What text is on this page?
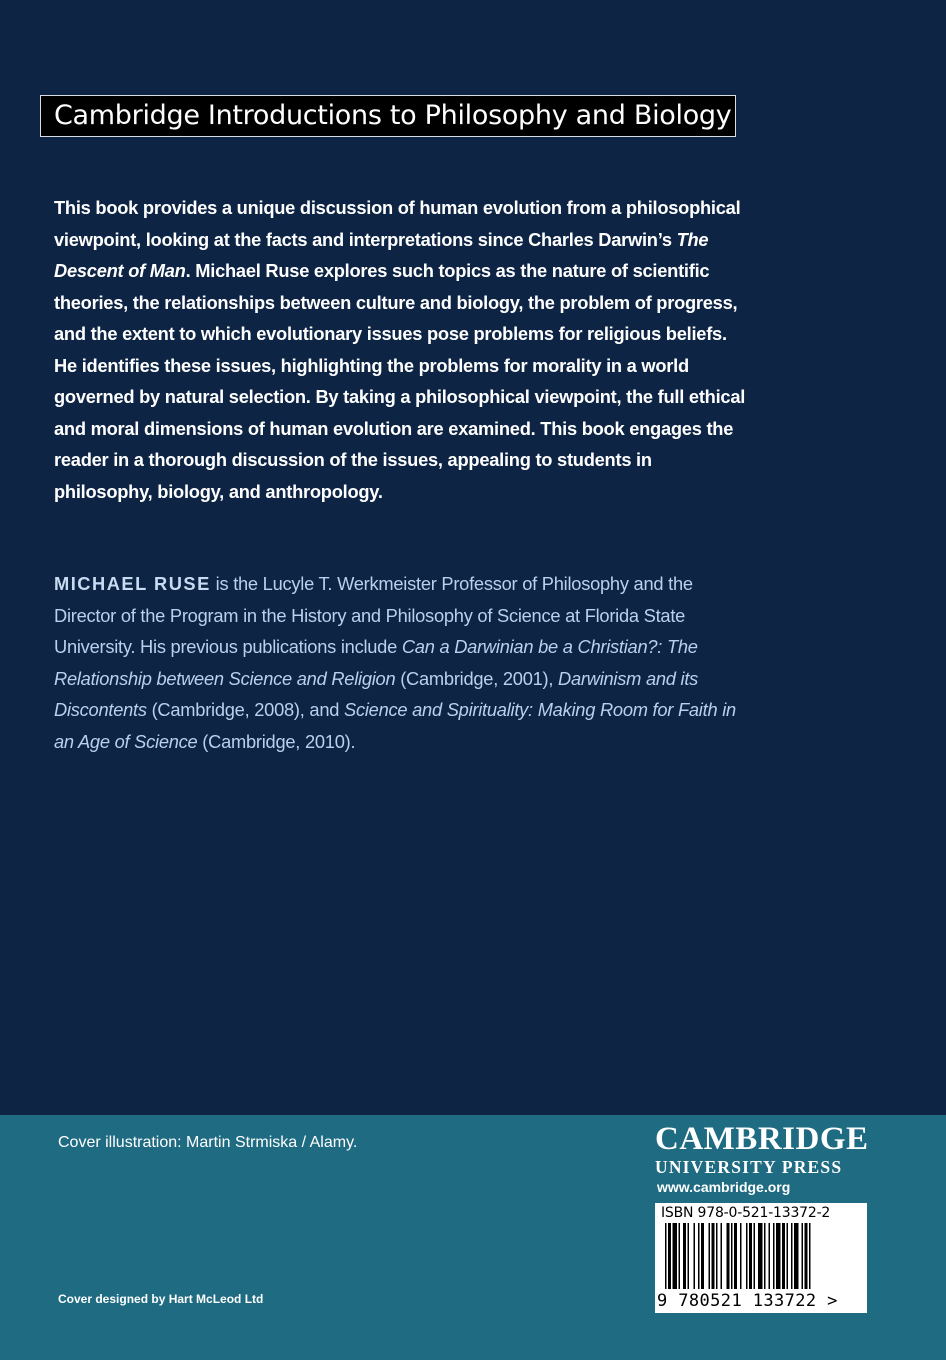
Cambridge Introductions to Philosophy and Biology

This book provides a unique discussion of human evolution from a philosophical viewpoint, looking at the facts and interpretations since Charles Darwin’s The Descent of Man. Michael Ruse explores such topics as the nature of scientific theories, the relationships between culture and biology, the problem of progress, and the extent to which evolutionary issues pose problems for religious beliefs. He identifies these issues, highlighting the problems for morality in a world governed by natural selection. By taking a philosophical viewpoint, the full ethical and moral dimensions of human evolution are examined. This book engages the reader in a thorough discussion of the issues, appealing to students in philosophy, biology, and anthropology.

MICHAEL RUSE is the Lucyle T. Werkmeister Professor of Philosophy and the Director of the Program in the History and Philosophy of Science at Florida State University. His previous publications include Can a Darwinian be a Christian?: The Relationship between Science and Religion (Cambridge, 2001), Darwinism and its Discontents (Cambridge, 2008), and Science and Spirituality: Making Room for Faith in an Age of Science (Cambridge, 2010).

Cover illustration: Martin Strmiska / Alamy.
Cover designed by Hart McLeod Ltd
CAMBRIDGE
UNIVERSITY PRESS
www.cambridge.org
ISBN 978-0-521-13372-2
9 780521 133722 >
